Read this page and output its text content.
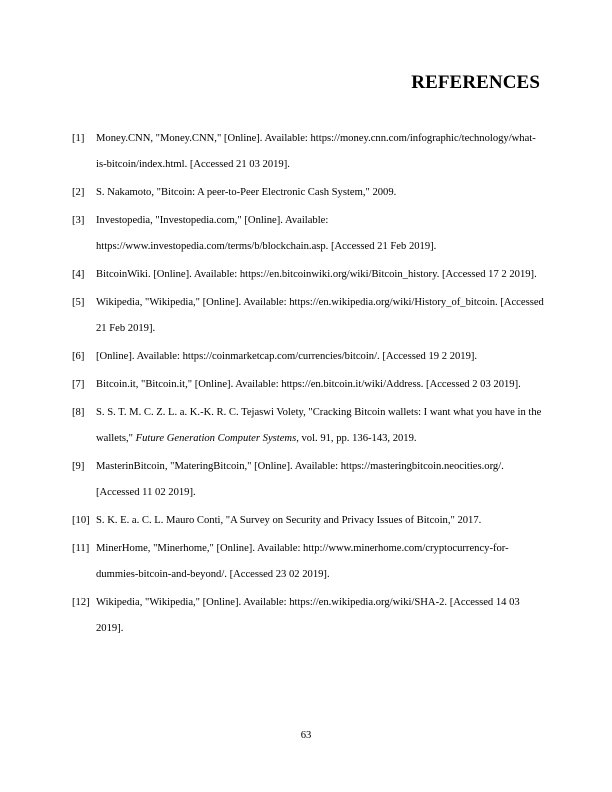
REFERENCES
[1] Money.CNN, "Money.CNN," [Online]. Available: https://money.cnn.com/infographic/technology/what-is-bitcoin/index.html. [Accessed 21 03 2019].
[2] S. Nakamoto, "Bitcoin: A peer-to-Peer Electronic Cash System," 2009.
[3] Investopedia, "Investopedia.com," [Online]. Available: https://www.investopedia.com/terms/b/blockchain.asp. [Accessed 21 Feb 2019].
[4] BitcoinWiki. [Online]. Available: https://en.bitcoinwiki.org/wiki/Bitcoin_history. [Accessed 17 2 2019].
[5] Wikipedia, "Wikipedia," [Online]. Available: https://en.wikipedia.org/wiki/History_of_bitcoin. [Accessed 21 Feb 2019].
[6] [Online]. Available: https://coinmarketcap.com/currencies/bitcoin/. [Accessed 19 2 2019].
[7] Bitcoin.it, "Bitcoin.it," [Online]. Available: https://en.bitcoin.it/wiki/Address. [Accessed 2 03 2019].
[8] S. S. T. M. C. Z. L. a. K.-K. R. C. Tejaswi Volety, "Cracking Bitcoin wallets: I want what you have in the wallets," Future Generation Computer Systems, vol. 91, pp. 136-143, 2019.
[9] MasterinBitcoin, "MateringBitcoin," [Online]. Available: https://masteringbitcoin.neocities.org/. [Accessed 11 02 2019].
[10] S. K. E. a. C. L. Mauro Conti, "A Survey on Security and Privacy Issues of Bitcoin," 2017.
[11] MinerHome, "Minerhome," [Online]. Available: http://www.minerhome.com/cryptocurrency-for-dummies-bitcoin-and-beyond/. [Accessed 23 02 2019].
[12] Wikipedia, "Wikipedia," [Online]. Available: https://en.wikipedia.org/wiki/SHA-2. [Accessed 14 03 2019].
63
